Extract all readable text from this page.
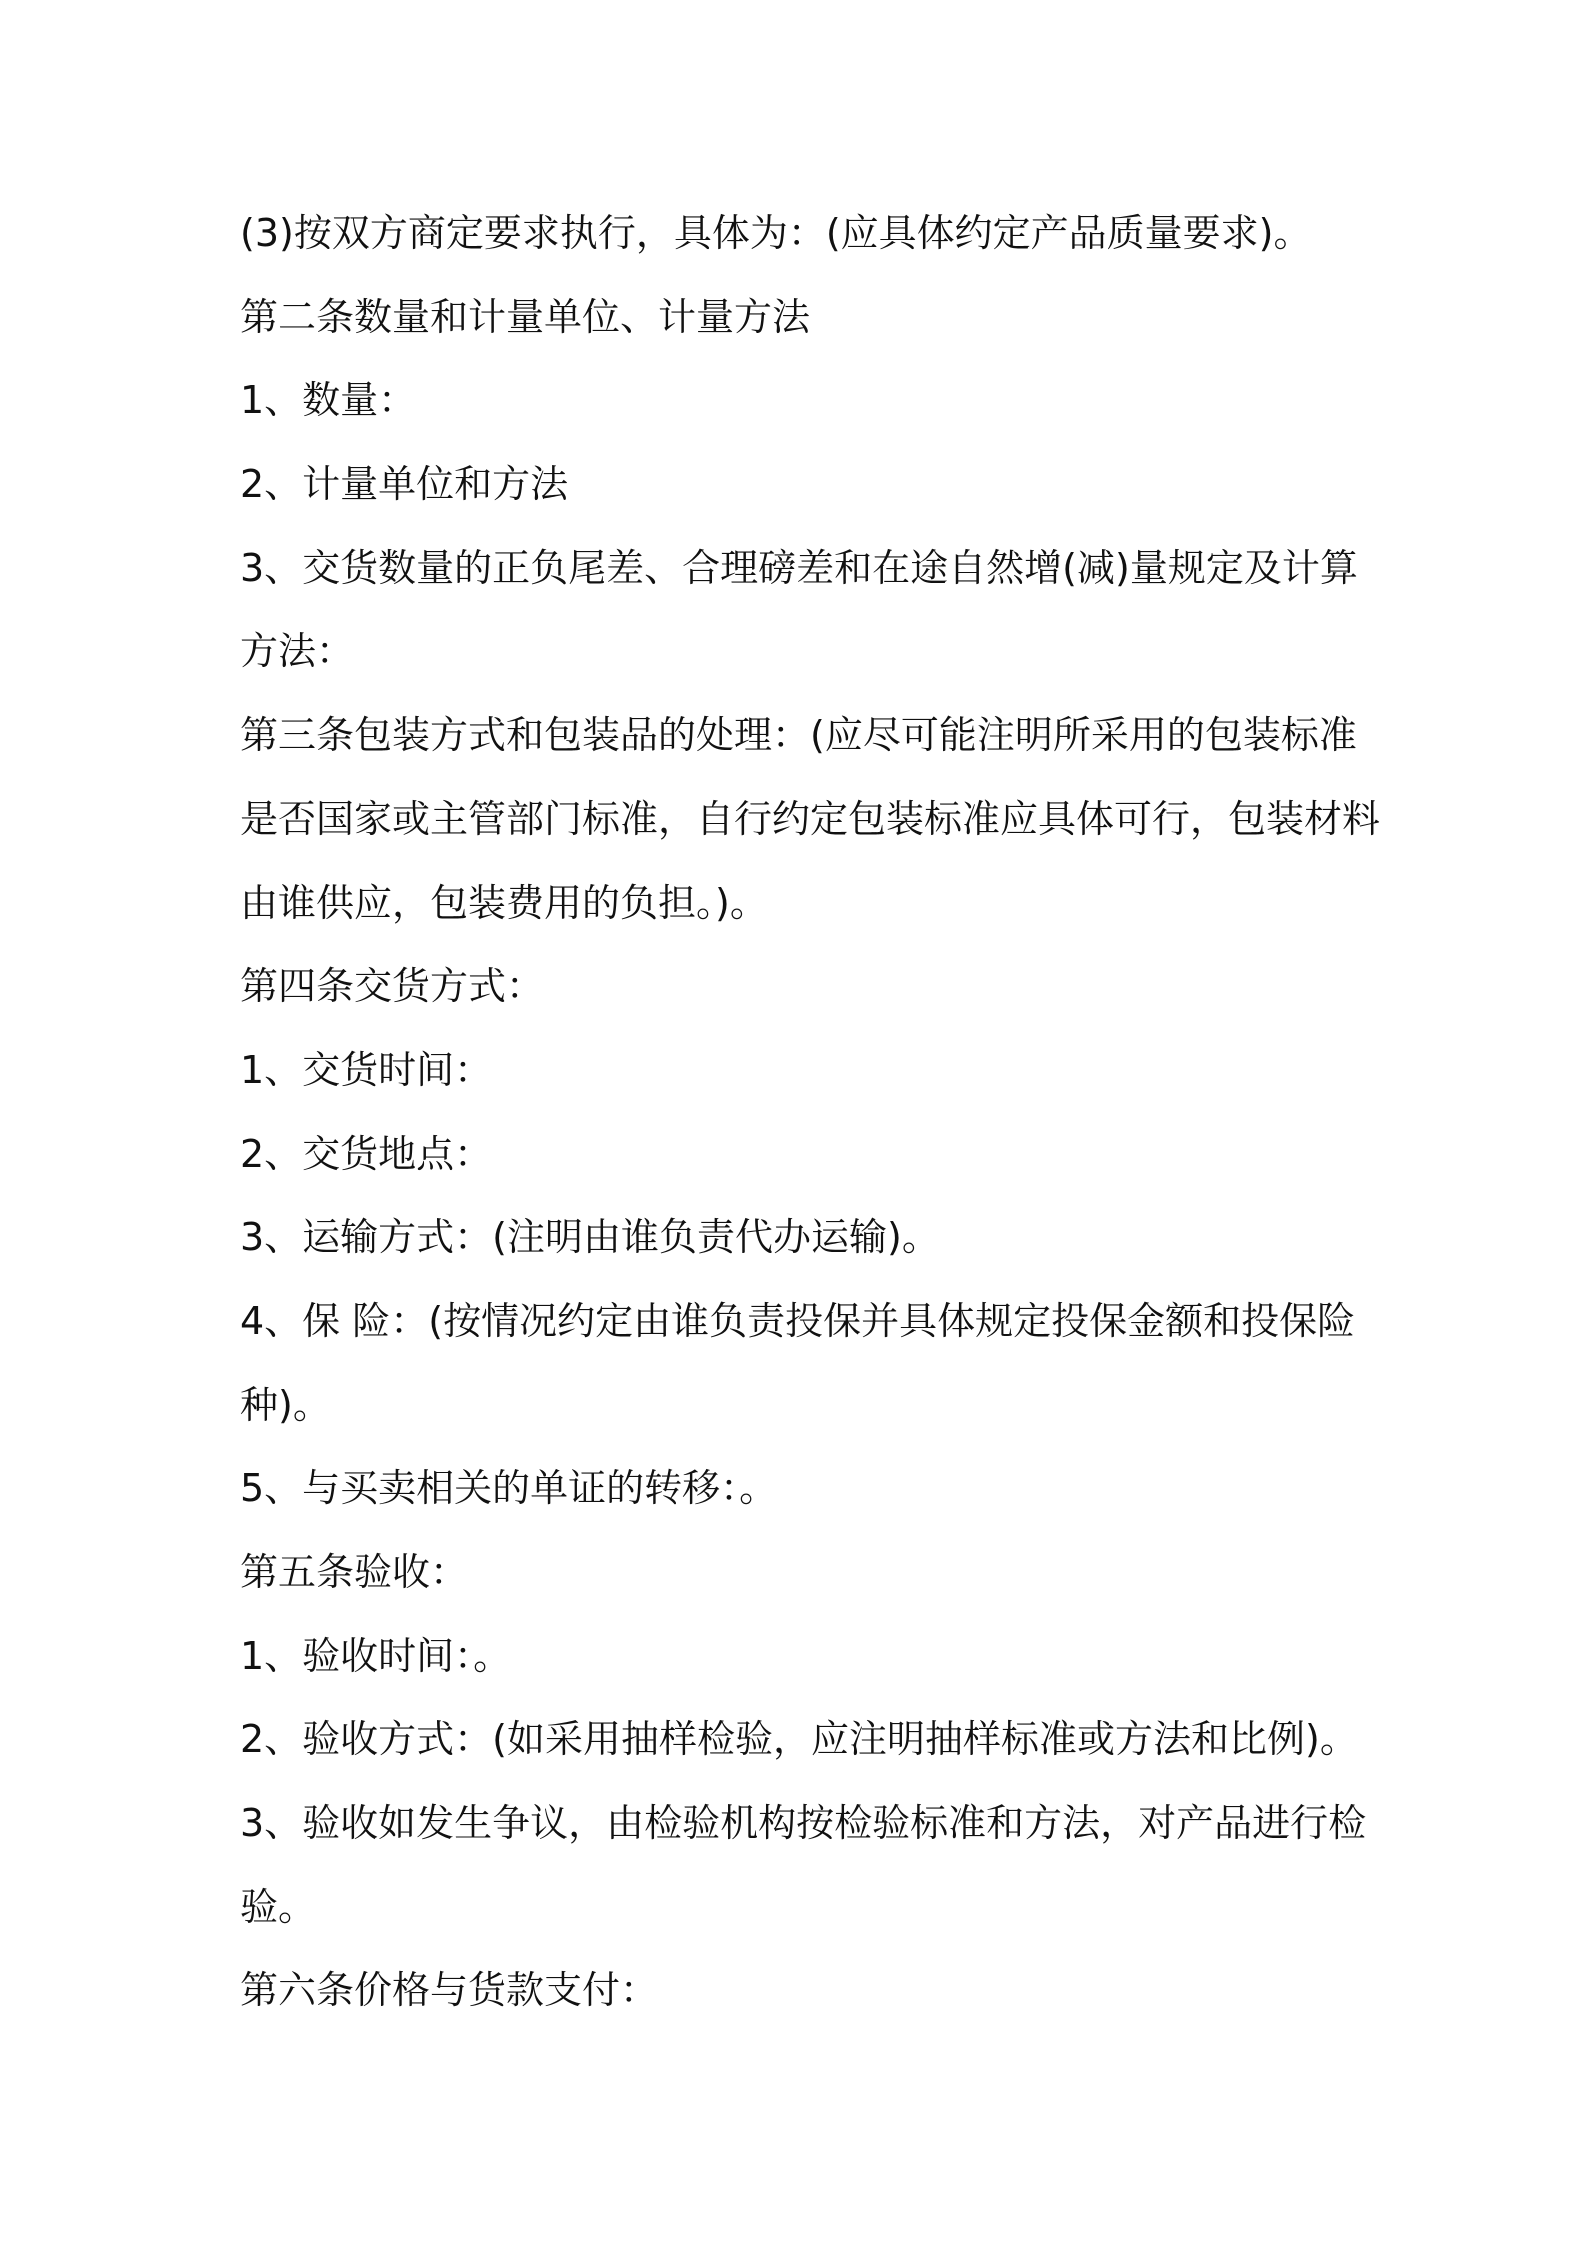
(3)按双方商定要求执行，具体为：(应具体约定产品质量要求)。
第二条数量和计量单位、计量方法
1、数量：
2、计量单位和方法
3、交货数量的正负尾差、合理磅差和在途自然增(减)量规定及计算
方法：
第三条包装方式和包装品的处理：(应尽可能注明所采用的包装标准
是否国家或主管部门标准，自行约定包装标准应具体可行，包装材料
由谁供应，包装费用的负担。)。
第四条交货方式：
1、交货时间：
2、交货地点：
3、运输方式：(注明由谁负责代办运输)。
4、保 险：(按情况约定由谁负责投保并具体规定投保金额和投保险
种)。
5、与买卖相关的单证的转移：。
第五条验收：
1、验收时间：。
2、验收方式：(如采用抽样检验，应注明抽样标准或方法和比例)。
3、验收如发生争议，由检验机构按检验标准和方法，对产品进行检
验。
第六条价格与货款支付：
